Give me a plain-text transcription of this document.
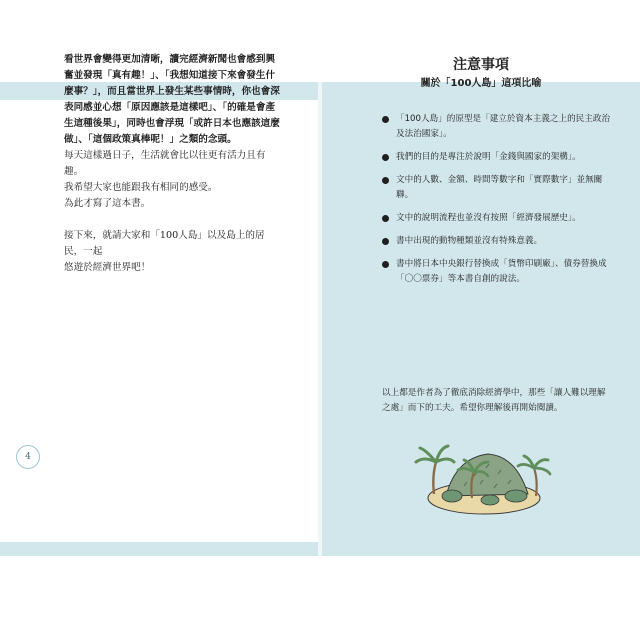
看世界會變得更加清晰，讀完經濟新聞也會感到興奮並發現「真有趣！」、「我想知道接下來會發生什麼事？」，而且當世界上發生某些事情時，你也會深表同感並心想「原因應該是這樣吧」、「的確是會產生這種後果」，同時也會浮現「或許日本也應該這麼做」、「這個政策真棒呢！」之類的念頭。

每天這樣過日子，生活就會比以往更有活力且有趣。

我希望大家也能跟我有相同的感受。

為此才寫了這本書。

接下來，就請大家和「100人島」以及島上的居民，一起

悠遊於經濟世界吧！

4
注意事項
關於「100人島」這項比喻
「100人島」的原型是「建立於資本主義之上的民主政治及法治國家」。
我們的目的是專注於說明「金錢與國家的架構」。
文中的人數、金額、時間等數字和「實際數字」並無關聯。
文中的說明流程也並沒有按照「經濟發展歷史」。
書中出現的動物種類並沒有特殊意義。
書中將日本中央銀行替換成「貨幣印刷廠」、債券替換成「〇〇票券」等本書自創的說法。

以上都是作者為了徹底消除經濟學中，那些「讓人難以理解之處」而下的工夫。希望你理解後再開始閱讀。
